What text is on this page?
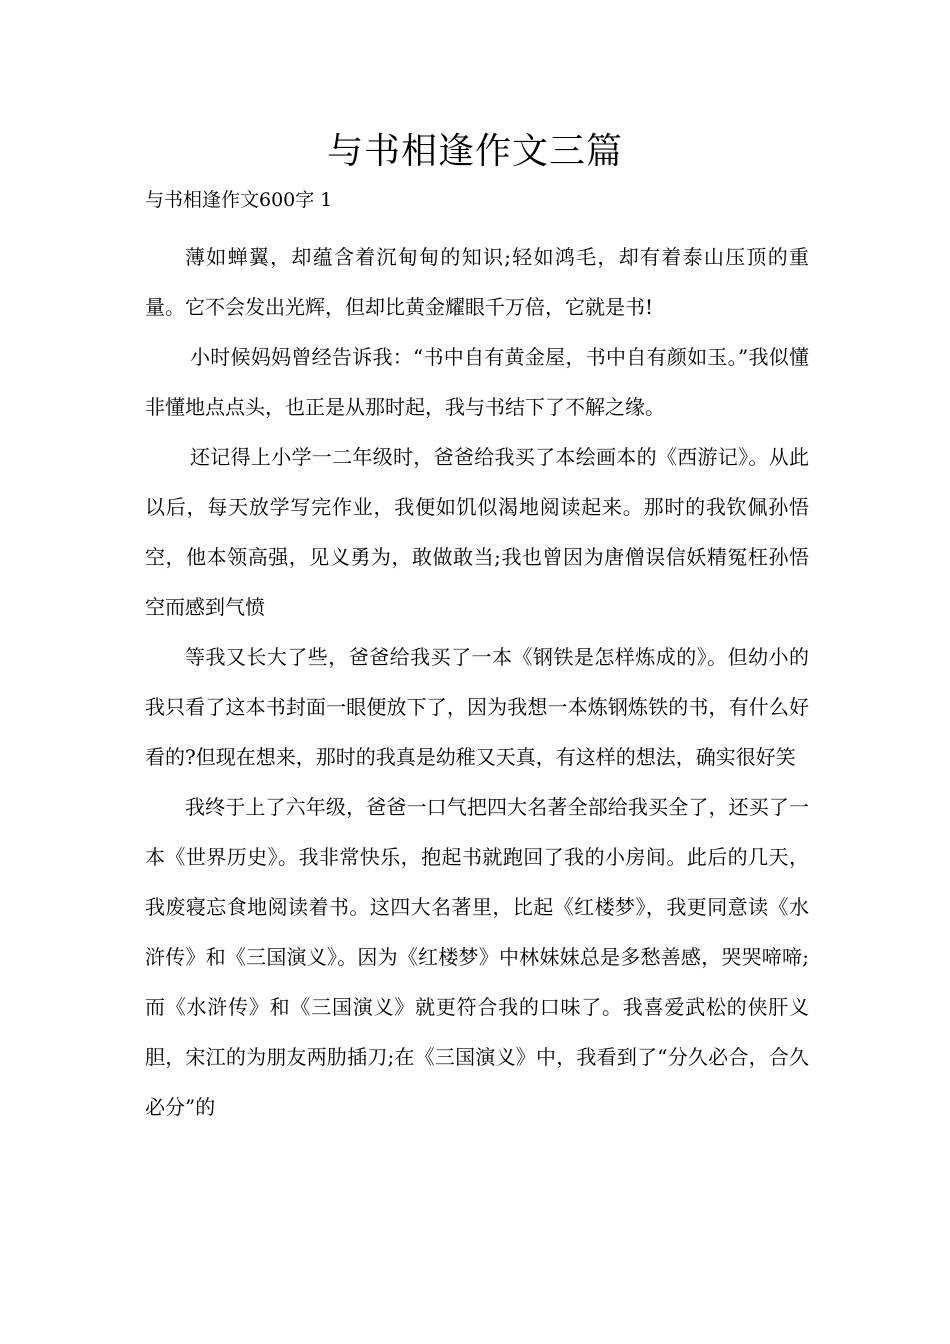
与书相逢作文三篇

与书相逢作文600字 1

薄如蝉翼，却蕴含着沉甸甸的知识;轻如鸿毛，却有着泰山压顶的重量。它不会发出光辉，但却比黄金耀眼千万倍，它就是书!

小时候妈妈曾经告诉我：“书中自有黄金屋，书中自有颜如玉。”我似懂非懂地点点头，也正是从那时起，我与书结下了不解之缘。

还记得上小学一二年级时，爸爸给我买了本绘画本的《西游记》。从此以后，每天放学写完作业，我便如饥似渴地阅读起来。那时的我钦佩孙悟空，他本领高强，见义勇为，敢做敢当;我也曾因为唐僧误信妖精冤枉孙悟空而感到气愤

等我又长大了些，爸爸给我买了一本《钢铁是怎样炼成的》。但幼小的我只看了这本书封面一眼便放下了，因为我想一本炼钢炼铁的书，有什么好看的?但现在想来，那时的我真是幼稚又天真，有这样的想法，确实很好笑

我终于上了六年级，爸爸一口气把四大名著全部给我买全了，还买了一本《世界历史》。我非常快乐，抱起书就跑回了我的小房间。此后的几天，我废寝忘食地阅读着书。这四大名著里，比起《红楼梦》，我更同意读《水浒传》和《三国演义》。因为《红楼梦》中林妹妹总是多愁善感，哭哭啼啼;而《水浒传》和《三国演义》就更符合我的口味了。我喜爱武松的侠肝义胆，宋江的为朋友两肋插刀;在《三国演义》中，我看到了“分久必合，合久必分”的
